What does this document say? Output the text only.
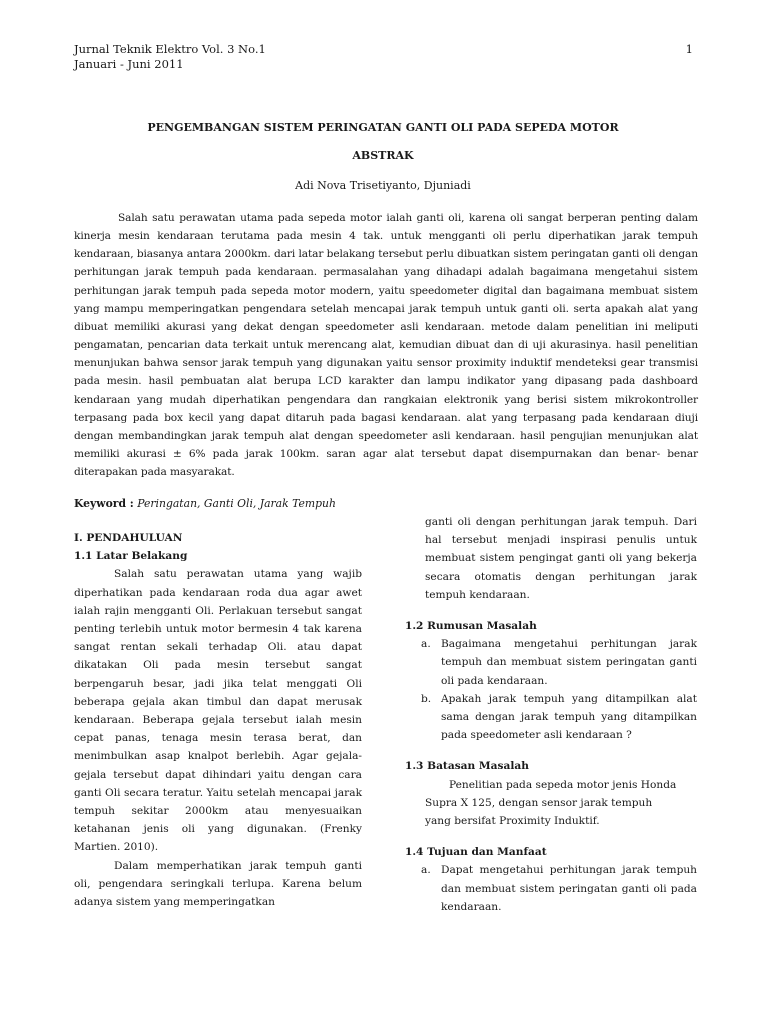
Jurnal Teknik Elektro Vol. 3 No.1
Januari - Juni 2011
1
PENGEMBANGAN SISTEM PERINGATAN GANTI OLI PADA SEPEDA MOTOR
ABSTRAK
Adi Nova Trisetiyanto, Djuniadi

Salah satu perawatan utama pada sepeda motor ialah ganti oli, karena oli sangat berperan penting dalam kinerja mesin kendaraan terutama pada mesin 4 tak. untuk mengganti oli perlu diperhatikan jarak tempuh kendaraan, biasanya antara 2000km. dari latar belakang tersebut perlu dibuatkan sistem peringatan ganti oli dengan perhitungan jarak tempuh pada kendaraan. permasalahan yang dihadapi adalah bagaimana mengetahui sistem perhitungan jarak tempuh pada sepeda motor modern, yaitu speedometer digital dan bagaimana membuat sistem yang mampu memperingatkan pengendara setelah mencapai jarak tempuh untuk ganti oli. serta apakah alat yang dibuat memiliki akurasi yang dekat dengan speedometer asli kendaraan. metode dalam penelitian ini meliputi pengamatan, pencarian data terkait untuk merencang alat, kemudian dibuat dan di uji akurasinya. hasil penelitian menunjukan bahwa sensor jarak tempuh yang digunakan yaitu sensor proximity induktif mendeteksi gear transmisi pada mesin. hasil pembuatan alat berupa LCD karakter dan lampu indikator yang dipasang pada dashboard kendaraan yang mudah diperhatikan pengendara dan rangkaian elektronik yang berisi sistem mikrokontroller terpasang pada box kecil yang dapat ditaruh pada bagasi kendaraan. alat yang terpasang pada kendaraan diuji dengan membandingkan jarak tempuh alat dengan speedometer asli kendaraan. hasil pengujian menunjukan alat memiliki akurasi ± 6% pada jarak 100km. saran agar alat tersebut dapat disempurnakan dan benar- benar diterapakan pada masyarakat.

Keyword : Peringatan, Ganti Oli, Jarak Tempuh

I. PENDAHULUAN

1.1 Latar Belakang

Salah satu perawatan utama yang wajib diperhatikan pada kendaraan roda dua agar awet ialah rajin mengganti Oli. Perlakuan tersebut sangat penting terlebih untuk motor bermesin 4 tak karena sangat rentan sekali terhadap Oli. atau dapat dikatakan Oli pada mesin tersebut sangat berpengaruh besar, jadi jika telat menggati Oli beberapa gejala akan timbul dan dapat merusak kendaraan. Beberapa gejala tersebut ialah mesin cepat panas, tenaga mesin terasa berat, dan menimbulkan asap knalpot berlebih. Agar gejala-gejala tersebut dapat dihindari yaitu dengan cara ganti Oli secara teratur. Yaitu setelah mencapai jarak tempuh sekitar 2000km atau menyesuaikan ketahanan jenis oli yang digunakan. (Frenky Martien. 2010).

Dalam memperhatikan jarak tempuh ganti oli, pengendara seringkali terlupa. Karena belum adanya sistem yang memperingatkan

ganti oli dengan perhitungan jarak tempuh. Dari hal tersebut menjadi inspirasi penulis untuk membuat sistem pengingat ganti oli yang bekerja secara otomatis dengan perhitungan jarak tempuh kendaraan.

1.2 Rumusan Masalah

a. Bagaimana mengetahui perhitungan jarak tempuh dan membuat sistem peringatan ganti oli pada kendaraan.
b. Apakah jarak tempuh yang ditampilkan alat sama dengan jarak tempuh yang ditampilkan pada speedometer asli kendaraan ?

1.3 Batasan Masalah

Penelitian pada sepeda motor jenis Honda
Supra X 125, dengan sensor jarak tempuh
yang bersifat Proximity Induktif.

1.4 Tujuan dan Manfaat

a. Dapat mengetahui perhitungan jarak tempuh dan membuat sistem peringatan ganti oli pada kendaraan.
